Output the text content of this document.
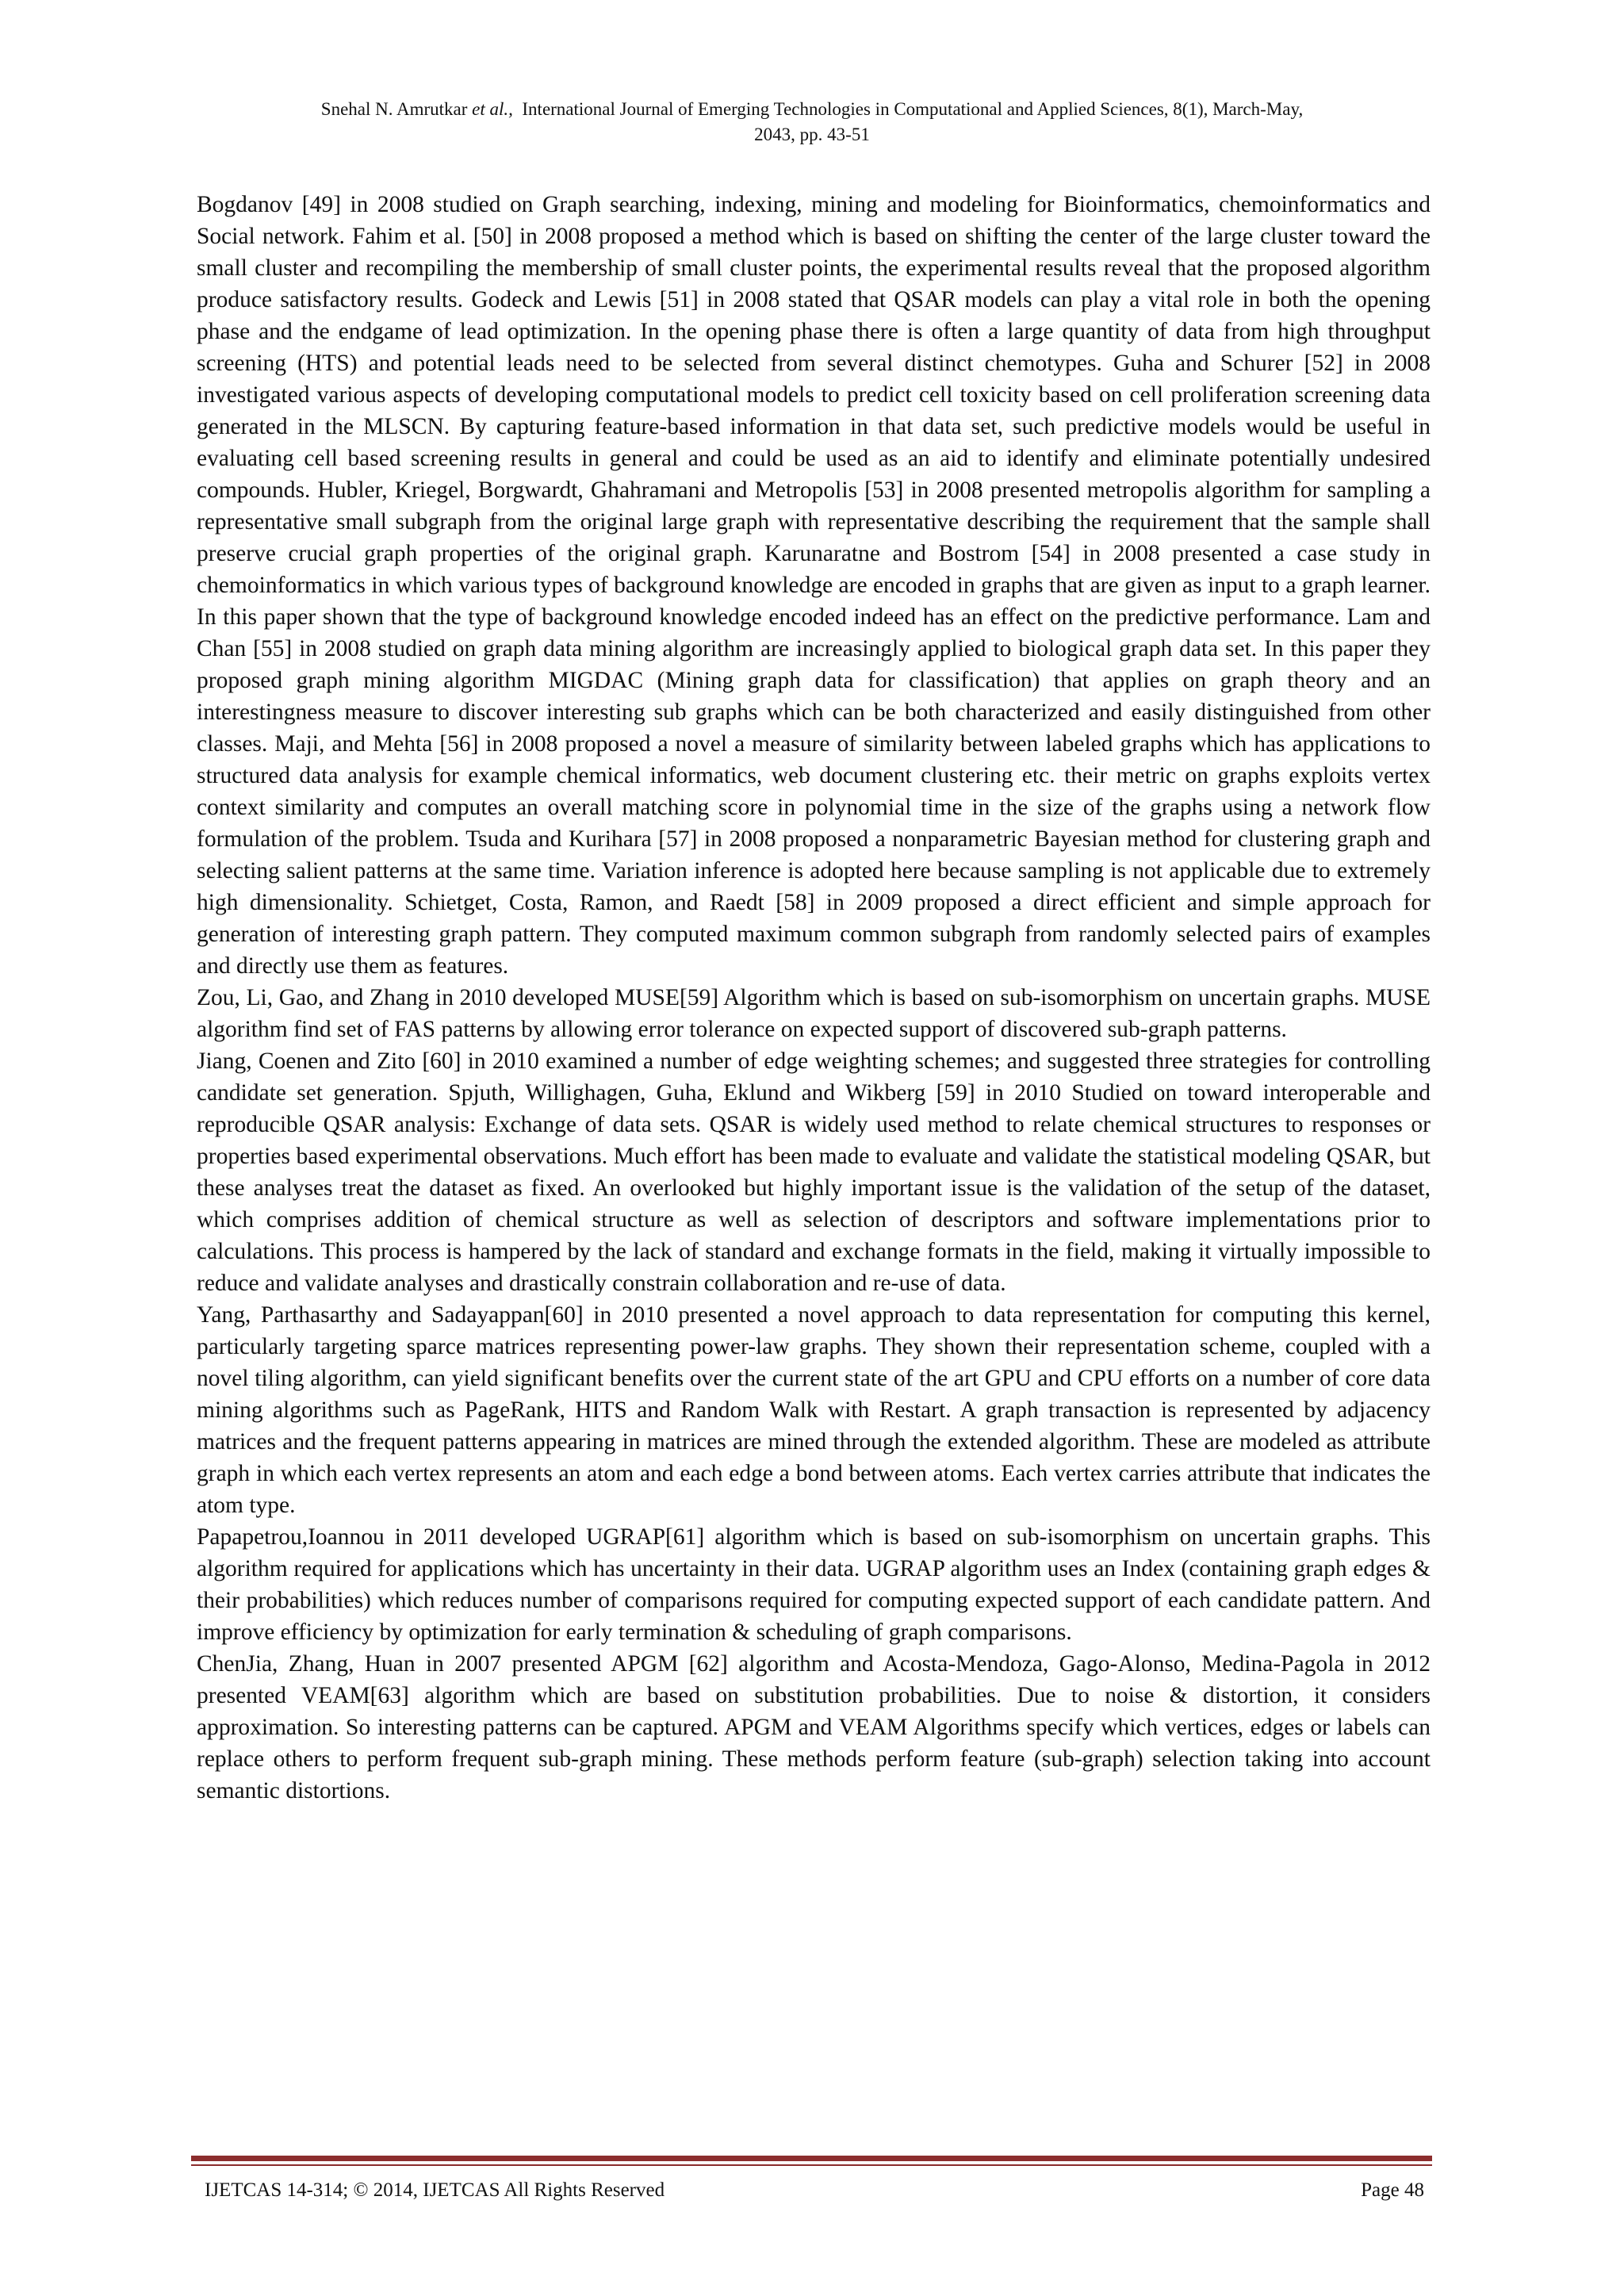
Snehal N. Amrutkar et al., International Journal of Emerging Technologies in Computational and Applied Sciences, 8(1), March-May,
2043, pp. 43-51

Bogdanov [49] in 2008 studied on Graph searching, indexing, mining and modeling for Bioinformatics, chemoinformatics and Social network. Fahim et al. [50] in 2008 proposed a method which is based on shifting the center of the large cluster toward the small cluster and recompiling the membership of small cluster points, the experimental results reveal that the proposed algorithm produce satisfactory results. Godeck and Lewis [51] in 2008 stated that QSAR models can play a vital role in both the opening phase and the endgame of lead optimization. In the opening phase there is often a large quantity of data from high throughput screening (HTS) and potential leads need to be selected from several distinct chemotypes. Guha and Schurer [52] in 2008 investigated various aspects of developing computational models to predict cell toxicity based on cell proliferation screening data generated in the MLSCN. By capturing feature-based information in that data set, such predictive models would be useful in evaluating cell based screening results in general and could be used as an aid to identify and eliminate potentially undesired compounds. Hubler, Kriegel, Borgwardt, Ghahramani and Metropolis [53] in 2008 presented metropolis algorithm for sampling a representative small subgraph from the original large graph with representative describing the requirement that the sample shall preserve crucial graph properties of the original graph. Karunaratne and Bostrom [54] in 2008 presented a case study in chemoinformatics in which various types of background knowledge are encoded in graphs that are given as input to a graph learner. In this paper shown that the type of background knowledge encoded indeed has an effect on the predictive performance. Lam and Chan [55] in 2008 studied on graph data mining algorithm are increasingly applied to biological graph data set. In this paper they proposed graph mining algorithm MIGDAC (Mining graph data for classification) that applies on graph theory and an interestingness measure to discover interesting sub graphs which can be both characterized and easily distinguished from other classes. Maji, and Mehta [56] in 2008 proposed a novel a measure of similarity between labeled graphs which has applications to structured data analysis for example chemical informatics, web document clustering etc. their metric on graphs exploits vertex context similarity and computes an overall matching score in polynomial time in the size of the graphs using a network flow formulation of the problem. Tsuda and Kurihara [57] in 2008 proposed a nonparametric Bayesian method for clustering graph and selecting salient patterns at the same time. Variation inference is adopted here because sampling is not applicable due to extremely high dimensionality. Schietget, Costa, Ramon, and Raedt [58] in 2009 proposed a direct efficient and simple approach for generation of interesting graph pattern. They computed maximum common subgraph from randomly selected pairs of examples and directly use them as features.

Zou, Li, Gao, and Zhang in 2010 developed MUSE[59] Algorithm which is based on sub-isomorphism on uncertain graphs. MUSE algorithm find set of FAS patterns by allowing error tolerance on expected support of discovered sub-graph patterns.

Jiang, Coenen and Zito [60] in 2010 examined a number of edge weighting schemes; and suggested three strategies for controlling candidate set generation. Spjuth, Willighagen, Guha, Eklund and Wikberg [59] in 2010 Studied on toward interoperable and reproducible QSAR analysis: Exchange of data sets. QSAR is widely used method to relate chemical structures to responses or properties based experimental observations. Much effort has been made to evaluate and validate the statistical modeling QSAR, but these analyses treat the dataset as fixed. An overlooked but highly important issue is the validation of the setup of the dataset, which comprises addition of chemical structure as well as selection of descriptors and software implementations prior to calculations. This process is hampered by the lack of standard and exchange formats in the field, making it virtually impossible to reduce and validate analyses and drastically constrain collaboration and re-use of data.

Yang, Parthasarthy and Sadayappan[60] in 2010 presented a novel approach to data representation for computing this kernel, particularly targeting sparce matrices representing power-law graphs. They shown their representation scheme, coupled with a novel tiling algorithm, can yield significant benefits over the current state of the art GPU and CPU efforts on a number of core data mining algorithms such as PageRank, HITS and Random Walk with Restart. A graph transaction is represented by adjacency matrices and the frequent patterns appearing in matrices are mined through the extended algorithm. These are modeled as attribute graph in which each vertex represents an atom and each edge a bond between atoms. Each vertex carries attribute that indicates the atom type.

Papapetrou,Ioannou in 2011 developed UGRAP[61] algorithm which is based on sub-isomorphism on uncertain graphs. This algorithm required for applications which has uncertainty in their data. UGRAP algorithm uses an Index (containing graph edges & their probabilities) which reduces number of comparisons required for computing expected support of each candidate pattern. And improve efficiency by optimization for early termination & scheduling of graph comparisons.

ChenJia, Zhang, Huan in 2007 presented APGM [62] algorithm and Acosta-Mendoza, Gago-Alonso, Medina-Pagola in 2012 presented VEAM[63] algorithm which are based on substitution probabilities. Due to noise & distortion, it considers approximation. So interesting patterns can be captured. APGM and VEAM Algorithms specify which vertices, edges or labels can replace others to perform frequent sub-graph mining. These methods perform feature (sub-graph) selection taking into account semantic distortions.

IJETCAS 14-314; © 2014, IJETCAS All Rights Reserved	Page 48
